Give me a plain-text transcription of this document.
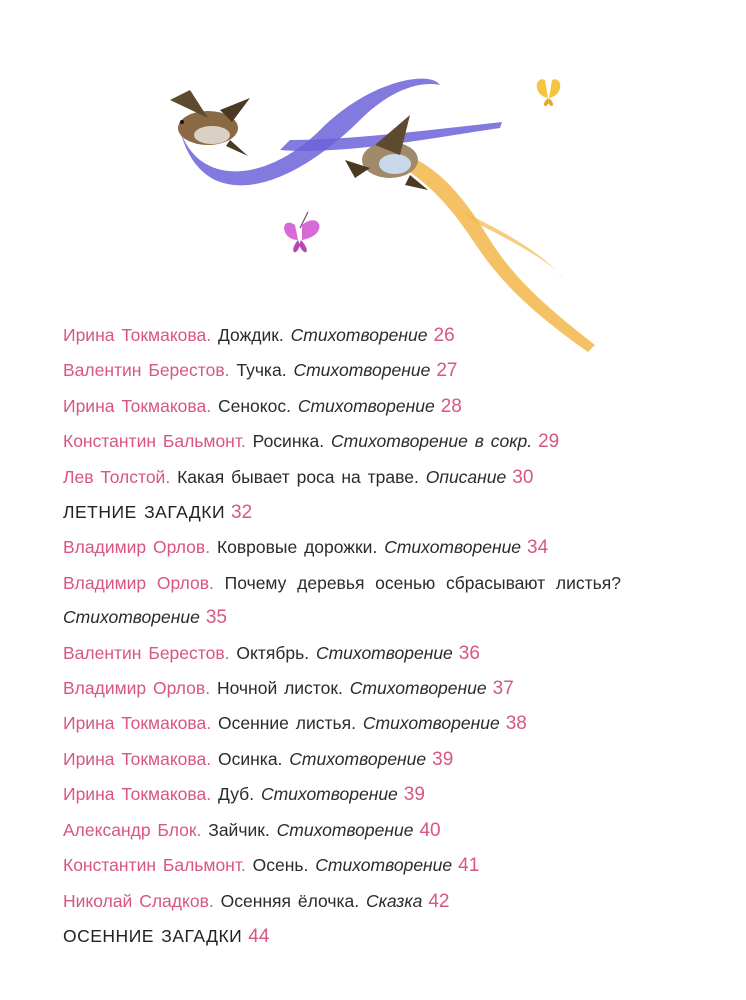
Ирина Токмакова. Дождик. Стихотворение 26
Валентин Берестов. Тучка. Стихотворение 27
Ирина Токмакова. Сенокос. Стихотворение 28
Константин Бальмонт. Росинка. Стихотворение в сокр. 29
Лев Толстой. Какая бывает роса на траве. Описание 30
ЛЕТНИЕ ЗАГАДКИ 32
Владимир Орлов. Ковровые дорожки. Стихотворение 34
Владимир Орлов. Почему деревья осенью сбрасывают листья? Стихотворение 35
Валентин Берестов. Октябрь. Стихотворение 36
Владимир Орлов. Ночной листок. Стихотворение 37
Ирина Токмакова. Осенние листья. Стихотворение 38
Ирина Токмакова. Осинка. Стихотворение 39
Ирина Токмакова. Дуб. Стихотворение 39
Александр Блок. Зайчик. Стихотворение 40
Константин Бальмонт. Осень. Стихотворение 41
Николай Сладков. Осенняя ёлочка. Сказка 42
ОСЕННИЕ ЗАГАДКИ 44
